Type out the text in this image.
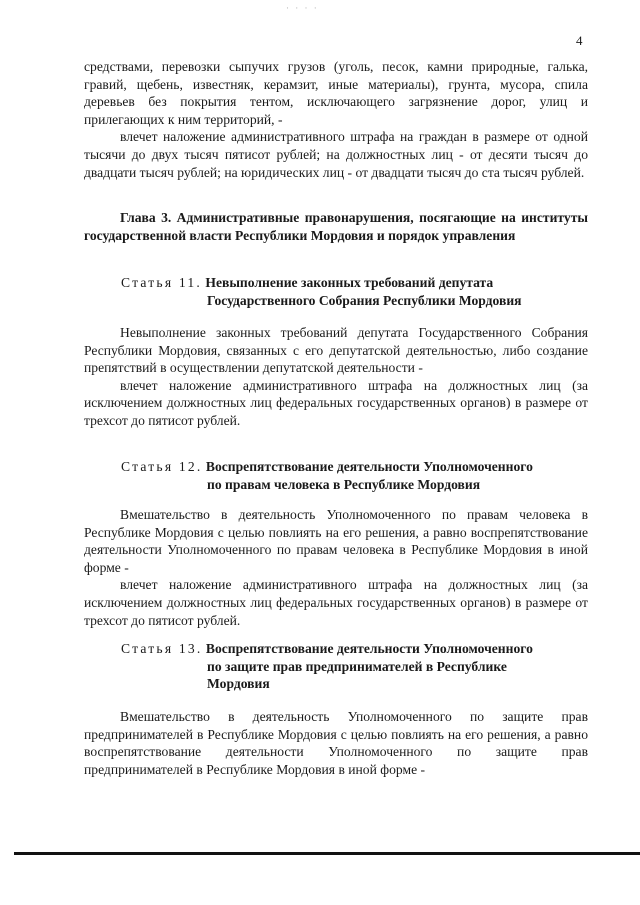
· · · ·
4

средствами, перевозки сыпучих грузов (уголь, песок, камни природные, галька, гравий, щебень, известняк, керамзит, иные материалы), грунта, мусора, спила деревьев без покрытия тентом, исключающего загрязнение дорог, улиц и прилегающих к ним территорий, -

влечет наложение административного штрафа на граждан в размере от одной тысячи до двух тысяч пятисот рублей; на должностных лиц - от десяти тысяч до двадцати тысяч рублей; на юридических лиц - от двадцати тысяч до ста тысяч рублей.

Глава 3. Административные правонарушения, посягающие на институты государственной власти Республики Мордовия и порядок управления

Статья 11. Невыполнение законных требований депутата
Государственного Собрания Республики Мордовия

Невыполнение законных требований депутата Государственного Собрания Республики Мордовия, связанных с его депутатской деятельностью, либо создание препятствий в осуществлении депутатской деятельности -

влечет наложение административного штрафа на должностных лиц (за исключением должностных лиц федеральных государственных органов) в размере от трехсот до пятисот рублей.

Статья 12. Воспрепятствование деятельности Уполномоченного
по правам человека в Республике Мордовия

Вмешательство в деятельность Уполномоченного по правам человека в Республике Мордовия с целью повлиять на его решения, а равно воспрепятствование деятельности Уполномоченного по правам человека в Республике Мордовия в иной форме -

влечет наложение административного штрафа на должностных лиц (за исключением должностных лиц федеральных государственных органов) в размере от трехсот до пятисот рублей.

Статья 13. Воспрепятствование деятельности Уполномоченного
по защите прав предпринимателей в Республике
Мордовия

Вмешательство в деятельность Уполномоченного по защите прав предпринимателей в Республике Мордовия с целью повлиять на его решения, а равно воспрепятствование деятельности Уполномоченного по защите прав предпринимателей в Республике Мордовия в иной форме -
